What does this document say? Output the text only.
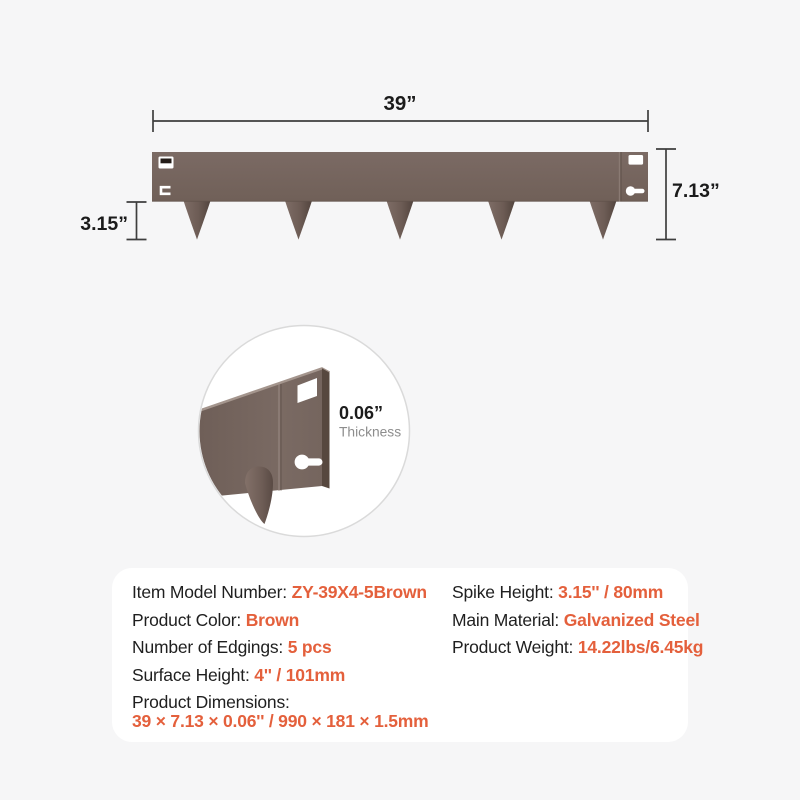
39”
7.13”
3.15”
0.06”
Thickness

Item Model Number: ZY-39X4-5Brown

Product Color: Brown

Number of Edgings: 5 pcs

Surface Height: 4'' / 101mm

Product Dimensions:
39 × 7.13 × 0.06'' / 990 × 181 × 1.5mm

Spike Height: 3.15'' / 80mm

Main Material: Galvanized Steel

Product Weight: 14.22lbs/6.45kg
